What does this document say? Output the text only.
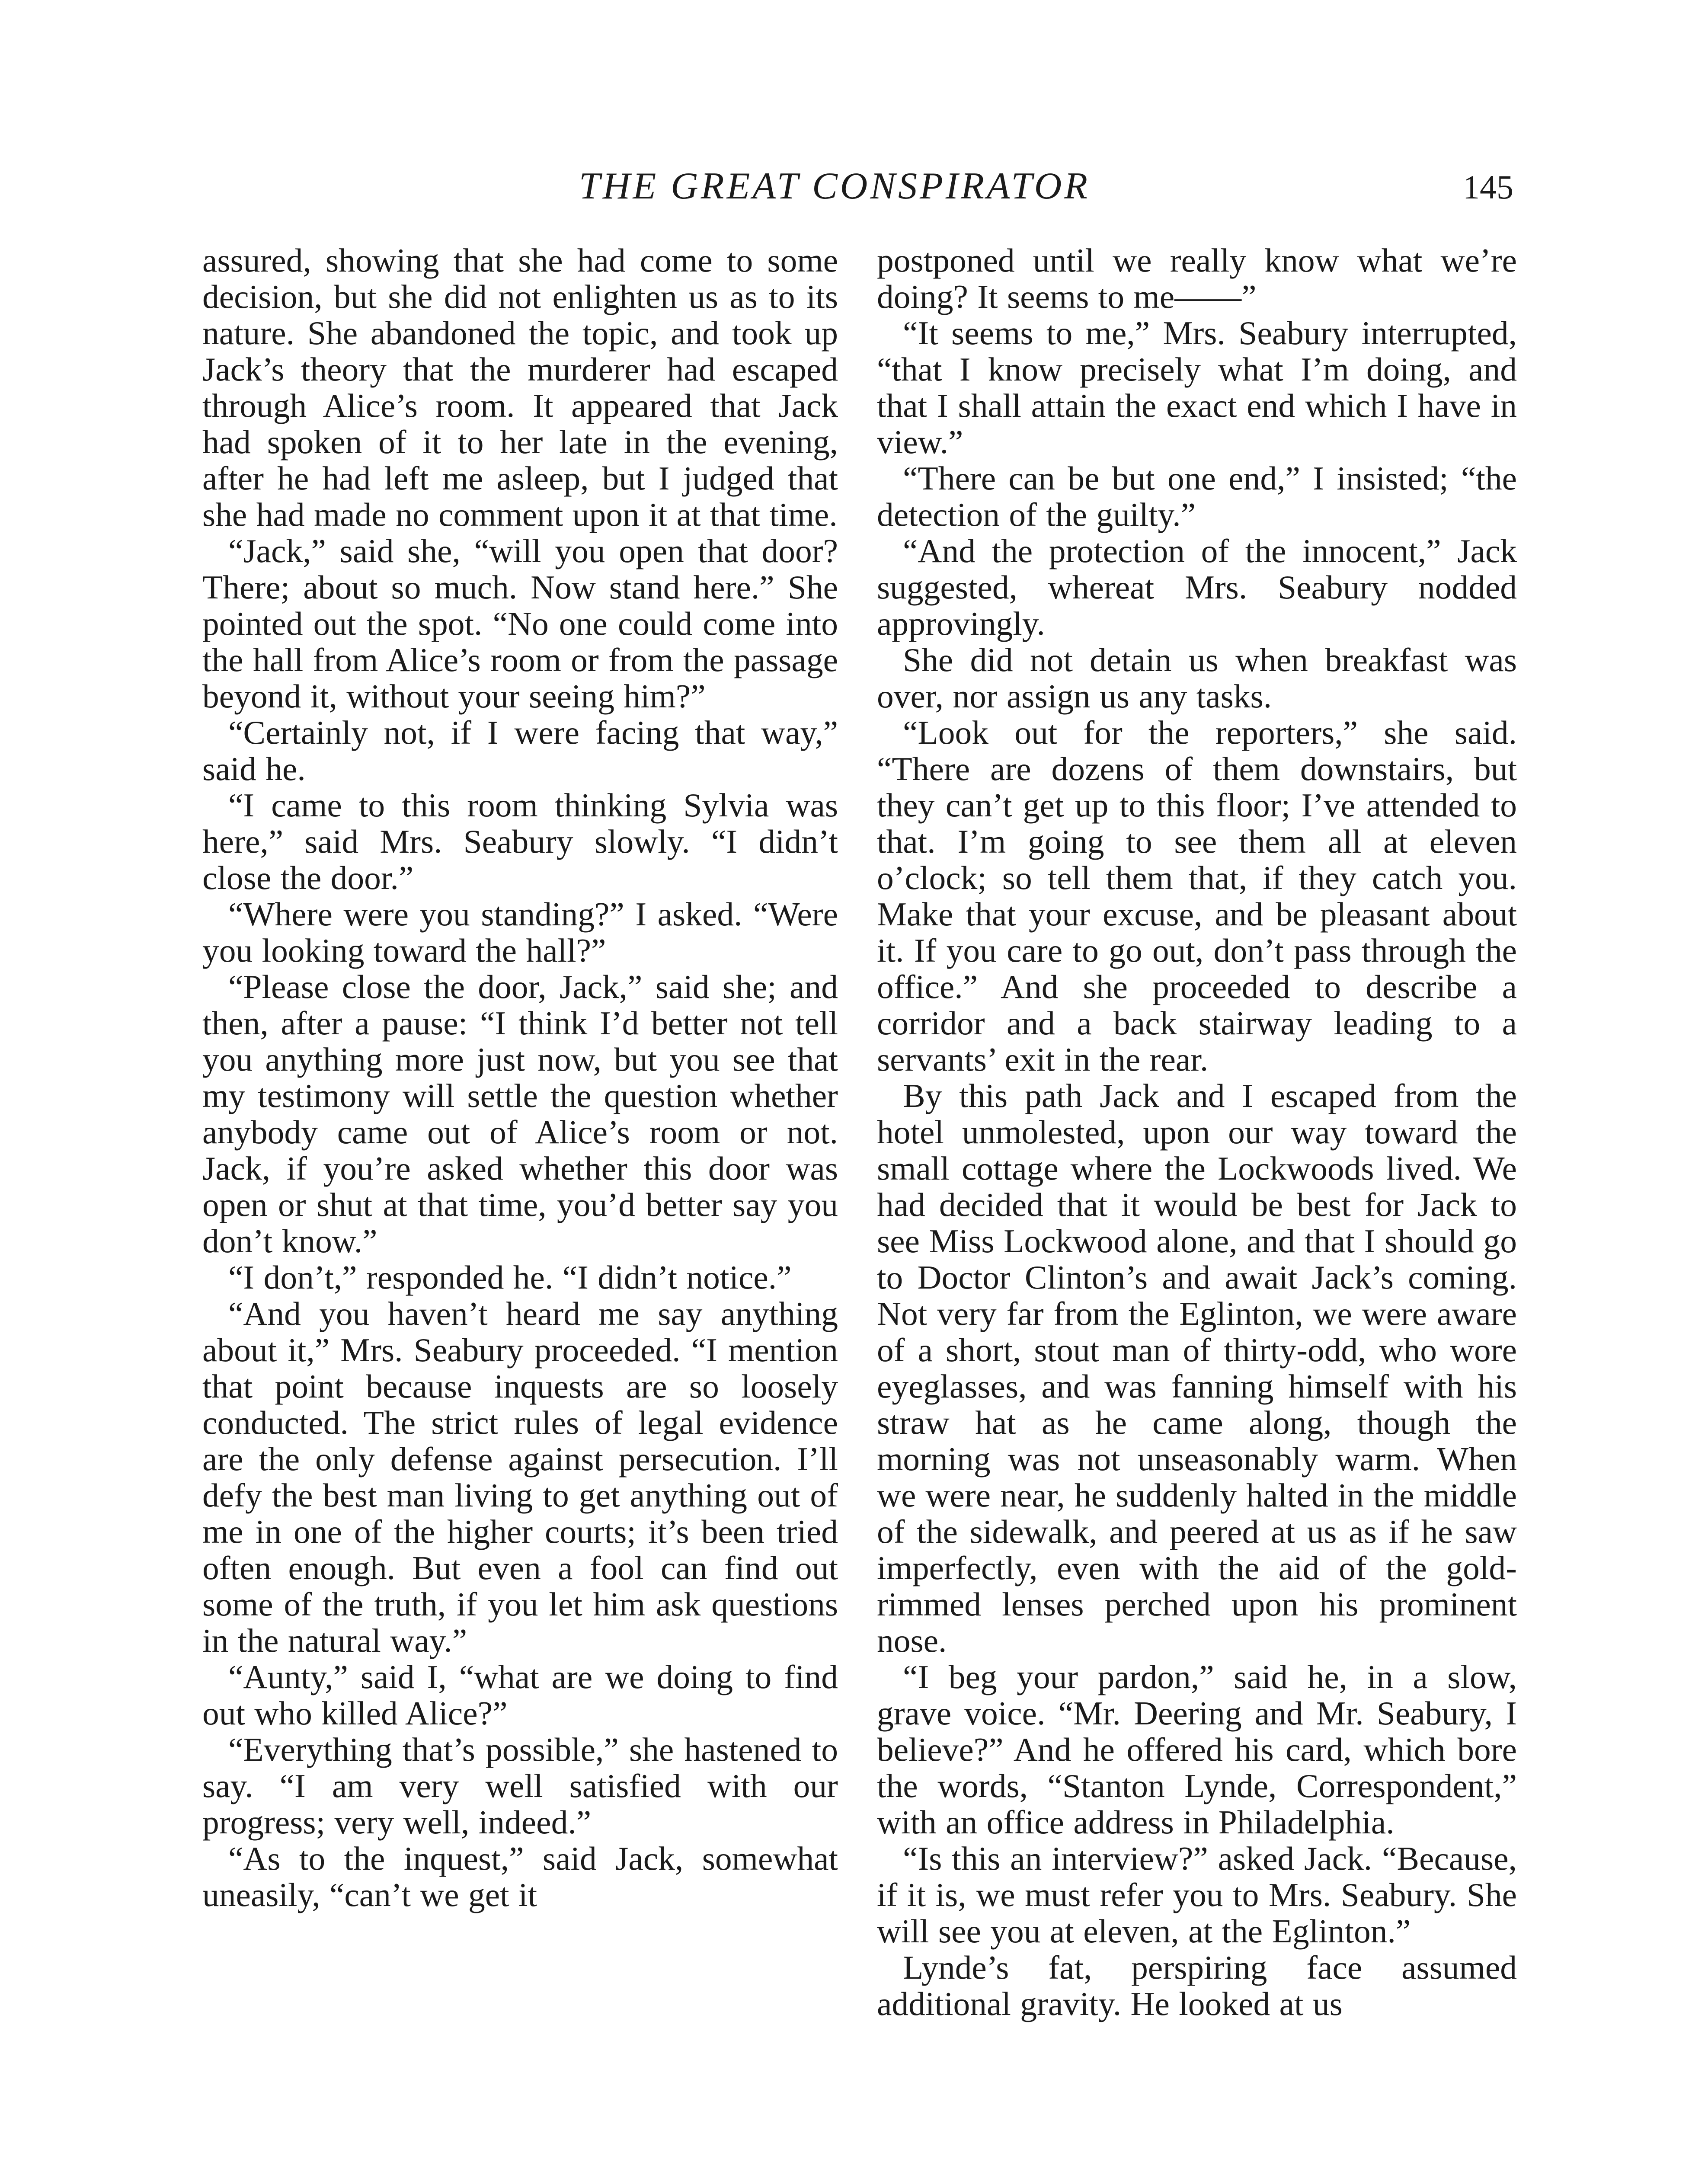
THE GREAT CONSPIRATOR	145

assured, showing that she had come to some decision, but she did not enlighten us as to its nature. She abandoned the topic, and took up Jack’s theory that the murderer had escaped through Alice’s room. It appeared that Jack had spoken of it to her late in the evening, after he had left me asleep, but I judged that she had made no comment upon it at that time.

“Jack,” said she, “will you open that door? There; about so much. Now stand here.” She pointed out the spot. “No one could come into the hall from Alice’s room or from the passage beyond it, without your seeing him?”

“Certainly not, if I were facing that way,” said he.

“I came to this room thinking Sylvia was here,” said Mrs. Seabury slowly. “I didn’t close the door.”

“Where were you standing?” I asked. “Were you looking toward the hall?”

“Please close the door, Jack,” said she; and then, after a pause: “I think I’d better not tell you anything more just now, but you see that my testimony will settle the question whether anybody came out of Alice’s room or not. Jack, if you’re asked whether this door was open or shut at that time, you’d better say you don’t know.”

“I don’t,” responded he. “I didn’t notice.”

“And you haven’t heard me say anything about it,” Mrs. Seabury proceeded. “I mention that point because inquests are so loosely conducted. The strict rules of legal evidence are the only defense against persecution. I’ll defy the best man living to get anything out of me in one of the higher courts; it’s been tried often enough. But even a fool can find out some of the truth, if you let him ask questions in the natural way.”

“Aunty,” said I, “what are we doing to find out who killed Alice?”

“Everything that’s possible,” she hastened to say. “I am very well satisfied with our progress; very well, indeed.”

“As to the inquest,” said Jack, somewhat uneasily, “can’t we get it

postponed until we really know what we’re doing? It seems to me——”

“It seems to me,” Mrs. Seabury interrupted, “that I know precisely what I’m doing, and that I shall attain the exact end which I have in view.”

“There can be but one end,” I insisted; “the detection of the guilty.”

“And the protection of the innocent,” Jack suggested, whereat Mrs. Seabury nodded approvingly.

She did not detain us when breakfast was over, nor assign us any tasks.

“Look out for the reporters,” she said. “There are dozens of them downstairs, but they can’t get up to this floor; I’ve attended to that. I’m going to see them all at eleven o’clock; so tell them that, if they catch you. Make that your excuse, and be pleasant about it. If you care to go out, don’t pass through the office.” And she proceeded to describe a corridor and a back stairway leading to a servants’ exit in the rear.

By this path Jack and I escaped from the hotel unmolested, upon our way toward the small cottage where the Lockwoods lived. We had decided that it would be best for Jack to see Miss Lockwood alone, and that I should go to Doctor Clinton’s and await Jack’s coming. Not very far from the Eglinton, we were aware of a short, stout man of thirty-odd, who wore eyeglasses, and was fanning himself with his straw hat as he came along, though the morning was not unseasonably warm. When we were near, he suddenly halted in the middle of the sidewalk, and peered at us as if he saw imperfectly, even with the aid of the gold-rimmed lenses perched upon his prominent nose.

“I beg your pardon,” said he, in a slow, grave voice. “Mr. Deering and Mr. Seabury, I believe?” And he offered his card, which bore the words, “Stanton Lynde, Correspondent,” with an office address in Philadelphia.

“Is this an interview?” asked Jack. “Because, if it is, we must refer you to Mrs. Seabury. She will see you at eleven, at the Eglinton.”

Lynde’s fat, perspiring face assumed additional gravity. He looked at us
